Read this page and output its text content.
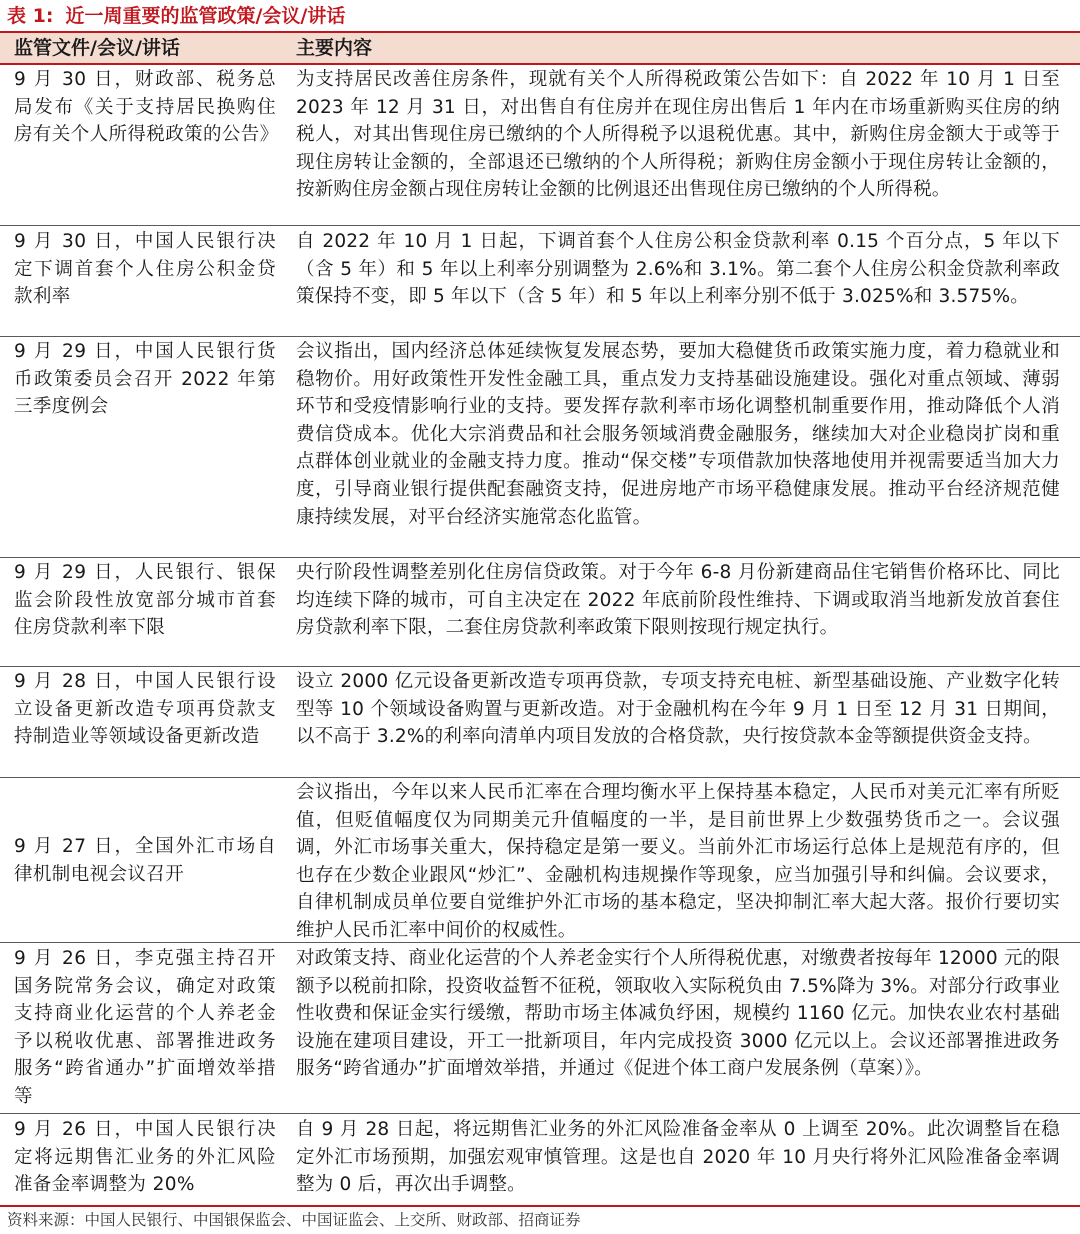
表 1: 近一周重要的监管政策/会议/讲话
监管文件/会议/讲话	主要内容
9 月 30 日，财政部、税务总局发布《关于支持居民换购住房有关个人所得税政策的公告》
为支持居民改善住房条件，现就有关个人所得税政策公告如下：自 2022 年 10 月 1 日至 2023 年 12 月 31 日，对出售自有住房并在现住房出售后 1 年内在市场重新购买住房的纳税人，对其出售现住房已缴纳的个人所得税予以退税优惠。其中，新购住房金额大于或等于现住房转让金额的，全部退还已缴纳的个人所得税；新购住房金额小于现住房转让金额的，按新购住房金额占现住房转让金额的比例退还出售现住房已缴纳的个人所得税。
9 月 30 日，中国人民银行决定下调首套个人住房公积金贷款利率
自 2022 年 10 月 1 日起，下调首套个人住房公积金贷款利率 0.15 个百分点，5 年以下（含 5 年）和 5 年以上利率分别调整为 2.6%和 3.1%。第二套个人住房公积金贷款利率政策保持不变，即 5 年以下（含 5 年）和 5 年以上利率分别不低于 3.025%和 3.575%。
9 月 29 日，中国人民银行货币政策委员会召开 2022 年第三季度例会
会议指出，国内经济总体延续恢复发展态势，要加大稳健货币政策实施力度，着力稳就业和稳物价。用好政策性开发性金融工具，重点发力支持基础设施建设。强化对重点领域、薄弱环节和受疫情影响行业的支持。要发挥存款利率市场化调整机制重要作用，推动降低个人消费信贷成本。优化大宗消费品和社会服务领域消费金融服务，继续加大对企业稳岗扩岗和重点群体创业就业的金融支持力度。推动“保交楼”专项借款加快落地使用并视需要适当加大力度，引导商业银行提供配套融资支持，促进房地产市场平稳健康发展。推动平台经济规范健康持续发展，对平台经济实施常态化监管。
9 月 29 日，人民银行、银保监会阶段性放宽部分城市首套住房贷款利率下限
央行阶段性调整差别化住房信贷政策。对于今年 6-8 月份新建商品住宅销售价格环比、同比均连续下降的城市，可自主决定在 2022 年底前阶段性维持、下调或取消当地新发放首套住房贷款利率下限，二套住房贷款利率政策下限则按现行规定执行。
9 月 28 日，中国人民银行设立设备更新改造专项再贷款支持制造业等领域设备更新改造
设立 2000 亿元设备更新改造专项再贷款，专项支持充电桩、新型基础设施、产业数字化转型等 10 个领域设备购置与更新改造。对于金融机构在今年 9 月 1 日至 12 月 31 日期间，以不高于 3.2%的利率向清单内项目发放的合格贷款，央行按贷款本金等额提供资金支持。
9 月 27 日，全国外汇市场自律机制电视会议召开
会议指出，今年以来人民币汇率在合理均衡水平上保持基本稳定，人民币对美元汇率有所贬值，但贬值幅度仅为同期美元升值幅度的一半，是目前世界上少数强势货币之一。会议强调，外汇市场事关重大，保持稳定是第一要义。当前外汇市场运行总体上是规范有序的，但也存在少数企业跟风“炒汇”、金融机构违规操作等现象，应当加强引导和纠偏。会议要求，自律机制成员单位要自觉维护外汇市场的基本稳定，坚决抑制汇率大起大落。报价行要切实维护人民币汇率中间价的权威性。
9 月 26 日，李克强主持召开国务院常务会议，确定对政策支持商业化运营的个人养老金予以税收优惠、部署推进政务服务“跨省通办”扩面增效举措等
对政策支持、商业化运营的个人养老金实行个人所得税优惠，对缴费者按每年 12000 元的限额予以税前扣除，投资收益暂不征税，领取收入实际税负由 7.5%降为 3%。对部分行政事业性收费和保证金实行缓缴，帮助市场主体减负纾困，规模约 1160 亿元。加快农业农村基础设施在建项目建设，开工一批新项目，年内完成投资 3000 亿元以上。会议还部署推进政务服务“跨省通办”扩面增效举措，并通过《促进个体工商户发展条例（草案）》。
9 月 26 日，中国人民银行决定将远期售汇业务的外汇风险准备金率调整为 20%
自 9 月 28 日起，将远期售汇业务的外汇风险准备金率从 0 上调至 20%。此次调整旨在稳定外汇市场预期，加强宏观审慎管理。这是也自 2020 年 10 月央行将外汇风险准备金率调整为 0 后，再次出手调整。
资料来源：中国人民银行、中国银保监会、中国证监会、上交所、财政部、招商证券
